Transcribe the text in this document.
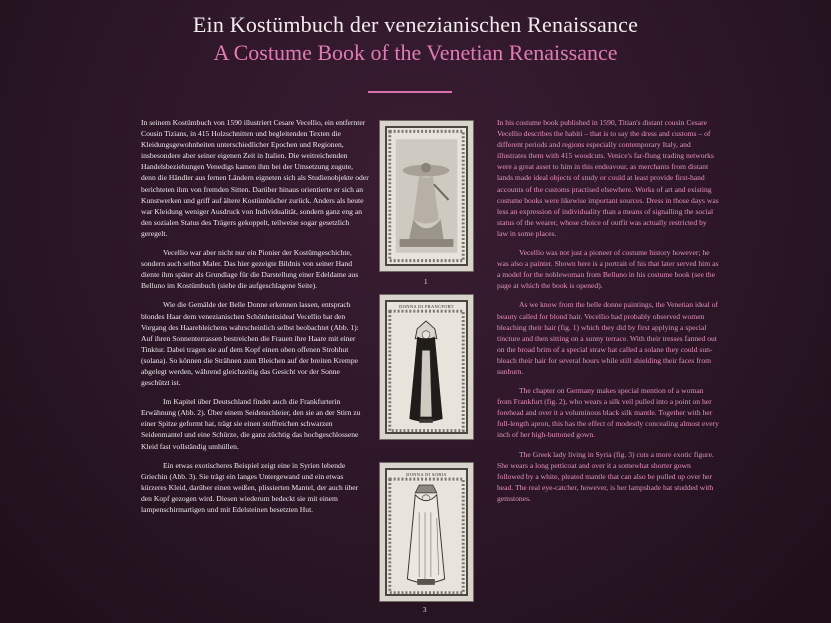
Ein Kostümbuch der venezianischen Renaissance
A Costume Book of the Venetian Renaissance

In seinem Kostümbuch von 1590 illustriert Cesare Vecellio, ein entfernter Cousin Tizians, in 415 Holzschnitten und begleitenden Texten die Kleidungsgewohnheiten unterschiedlicher Epochen und Regionen, insbesondere aber seiner eigenen Zeit in Italien. Die weitreichenden Handelsbeziehungen Venedigs kamen ihm bei der Umsetzung zugute, denn die Händler aus fernen Ländern eigneten sich als Studienobjekte oder berichteten ihm von fremden Sitten. Darüber hinaus orientierte er sich an Kunstwerken und griff auf ältere Kostümbücher zurück. Anders als heute war Kleidung weniger Ausdruck von Individualität, sondern ganz eng an den sozialen Status des Trägers gekoppelt, teilweise sogar gesetzlich geregelt.

Vecellio war aber nicht nur ein Pionier der Kostümgeschichte, sondern auch selbst Maler. Das hier gezeigte Bildnis von seiner Hand diente ihm später als Grundlage für die Darstellung einer Edeldame aus Belluno im Kostümbuch (siehe die aufgeschlagene Seite).

Wie die Gemälde der Belle Donne erkennen lassen, entsprach blondes Haar dem venezianischen Schönheitsideal Vecellio hat den Vorgang des Haarebleichens wahrscheinlich selbst beobachtet (Abb. 1): Auf ihren Sonnenterrassen bestreichen die Frauen ihre Haare mit einer Tinktur. Dabei tragen sie auf dem Kopf einen oben offenen Strohhut (solana). So können die Strähnen zum Bleichen auf der breiten Krempe abgelegt werden, während gleichzeitig das Gesicht vor der Sonne geschützt ist.

Im Kapitel über Deutschland findet auch die Frankfurterin Erwähnung (Abb. 2). Über einem Seidenschleier, den sie an der Stirn zu einer Spitze geformt hat, trägt sie einen stoffreichen schwarzen Seidenmantel und eine Schürze, die ganz züchtig das hochgeschlossene Kleid fast vollständig umhüllen.

Ein etwas exotischeres Beispiel zeigt eine in Syrien lebende Griechin (Abb. 3). Sie trägt ein langes Untergewand und ein etwas kürzeres Kleid, darüber einen weißen, plissierten Mantel, der auch über den Kopf gezogen wird. Diesen wiederum bedeckt sie mit einem lampenschirmartigen und mit Edelsteinen besetzten Hut.

In his costume book published in 1590, Titian's distant cousin Cesare Vecellio describes the habiti – that is to say the dress and customs – of different periods and regions especially contemporary Italy, and illustrates them with 415 woodcuts. Venice's far-flung trading networks were a great asset to him in this endeavour, as merchants from distant lands made ideal objects of study or could at least provide first-hand accounts of the customs practised elsewhere. Works of art and existing costume books were likewise important sources. Dress in those days was less an expression of individuality than a means of signalling the social status of the wearer, whose choice of outfit was actually restricted by law in some places.

Vecellio was not just a pioneer of costume history however; he was also a painter. Shown here is a portrait of his that later served him as a model for the noblewoman from Belluno in his costume book (see the page at which the book is opened).

As we know from the belle donne paintings, the Venetian ideal of beauty called for blond hair. Vecellio had probably observed women bleaching their hair (fig. 1) which they did by first applying a special tincture and then sitting on a sunny terrace. With their tresses fanned out on the broad brim of a special straw hat called a solane they could sun-bleach their hair for several hours while still shielding their faces from sunburn.

The chapter on Germany makes special mention of a woman from Frankfurt (fig. 2), who wears a silk veil pulled into a point on her forehead and over it a voluminous black silk mantle. Together with her full-length apron, this has the effect of modestly concealing almost every inch of her high-buttoned gown.

The Greek lady living in Syria (fig. 3) cuts a more exotic figure. She wears a long petticoat and over it a somewhat shorter gown followed by a white, pleated mantle that can also be pulled up over her head. The real eye-catcher, however, is her lampshade hat studded with gemstones.

1
DONNA DI FRANCFORT
DONNA DI SORIA
3
